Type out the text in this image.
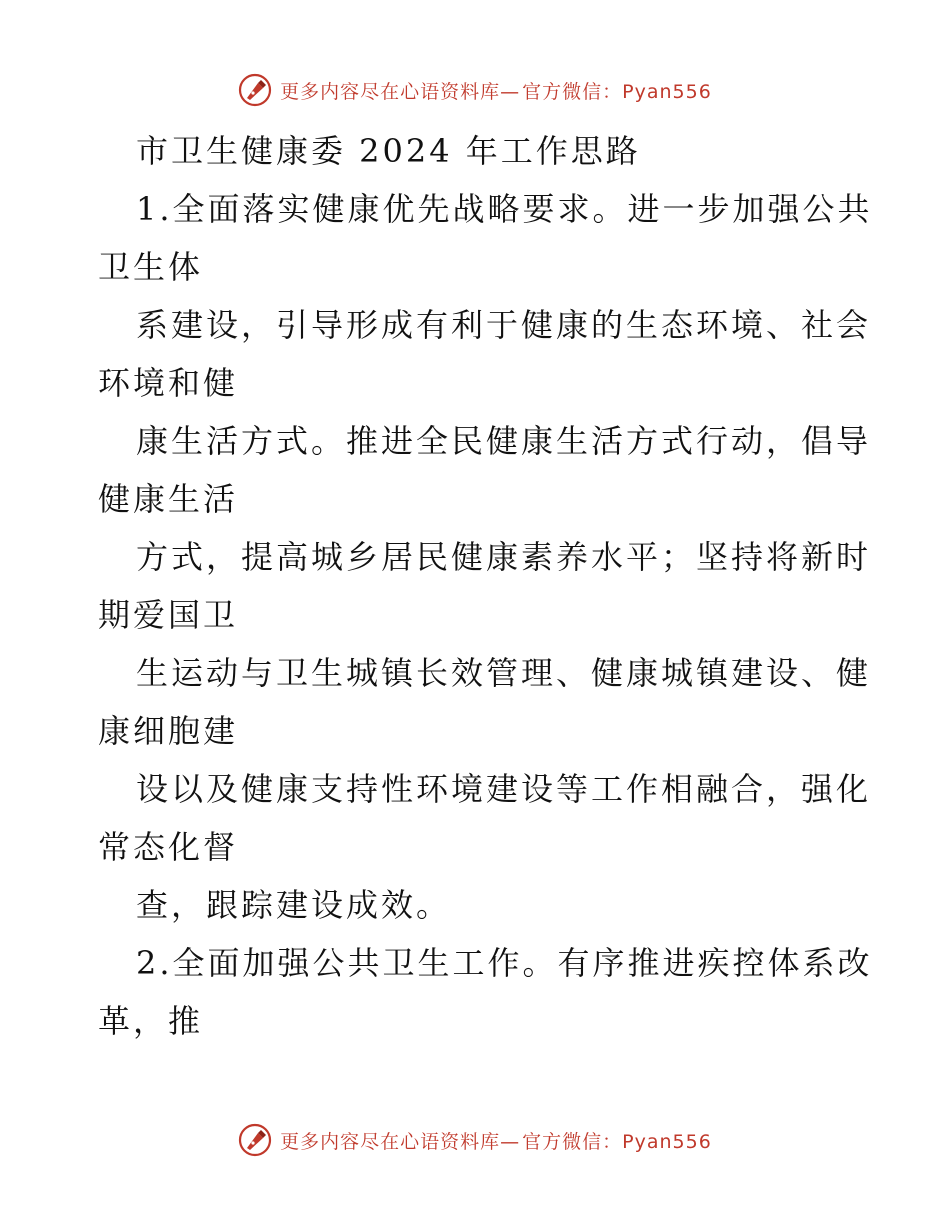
更多内容尽在心语资料库— 官方微信：Pyan556
市卫生健康委 2024 年工作思路
1.全面落实健康优先战略要求。进一步加强公共
卫生体
系建设，引导形成有利于健康的生态环境、社会
环境和健
康生活方式。推进全民健康生活方式行动，倡导
健康生活
方式，提高城乡居民健康素养水平；坚持将新时
期爱国卫
生运动与卫生城镇长效管理、健康城镇建设、健
康细胞建
设以及健康支持性环境建设等工作相融合，强化
常态化督
查，跟踪建设成效。
2.全面加强公共卫生工作。有序推进疾控体系改
革，推
更多内容尽在心语资料库— 官方微信：Pyan556
